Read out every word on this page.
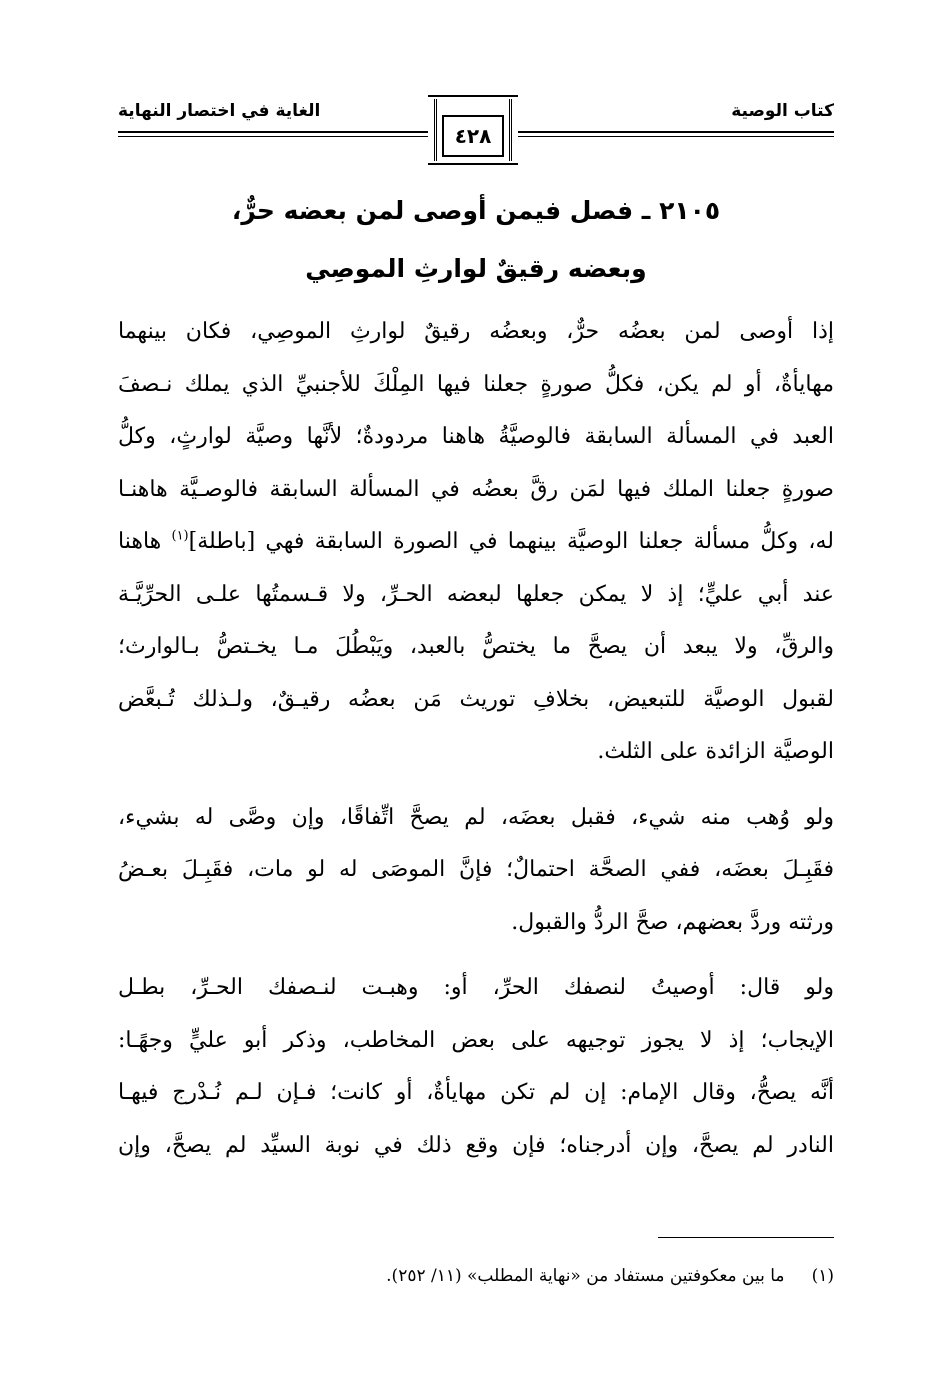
كتاب الوصية
الغاية في اختصار النهاية
٤٢٨
٢١٠٥ ـ فصل فيمن أوصى لمن بعضه حرٌّ،
وبعضه رقيقٌ لوارثِ الموصِي
إذا أوصى لمن بعضُه حرٌّ، وبعضُه رقيقٌ لوارثِ الموصِي، فكان بينهما
مهايأةٌ، أو لم يكن، فكلُّ صورةٍ جعلنا فيها المِلْكَ للأجنبيِّ الذي يملك نـصفَ
العبد في المسألة السابقة فالوصيَّةُ هاهنا مردودةٌ؛ لأنَّها وصيَّة لوارثٍ، وكلُّ
صورةٍ جعلنا الملك فيها لمَن رقَّ بعضُه في المسألة السابقة فالوصـيَّة هاهنـا
له، وكلُّ مسألة جعلنا الوصيَّة بينهما في الصورة السابقة فهي [باطلة]$^{(١)}$ هاهنا
عند أبي عليٍّ؛ إذ لا يمكن جعلها لبعضه الحـرِّ، ولا قـسمتُها علـى الحرِّيَّـة
والرقِّ، ولا يبعد أن يصحَّ ما يختصُّ بالعبد، ويَبْطُلَ مـا يخـتصُّ بـالوارث؛
لقبول الوصيَّة للتبعيض، بخلافِ توريث مَن بعضُه رقيـقٌ، ولـذلك تُـبعَّض
الوصيَّة الزائدة على الثلث.
ولو وُهب منه شيء، فقبل بعضَه، لم يصحَّ اتِّفاقًا، وإن وصَّى له بشيء،
فقَبِـلَ بعضَه، ففي الصحَّة احتمالٌ؛ فإنَّ الموصَى له لو مات، فقَبِـلَ بعـضُ
ورثته وردَّ بعضهم، صحَّ الردُّ والقبول.
ولو قال: أوصيتُ لنصفك الحرِّ، أو: وهبـت لنـصفك الحـرِّ، بطـل
الإيجاب؛ إذ لا يجوز توجيهه على بعض المخاطب، وذكر أبو عليٍّ وجهًـا:
أنَّه يصحُّ، وقال الإمام: إن لم تكن مهايأةٌ، أو كانت؛ فـإن لـم نُـدْرج فيهـا
النادر لم يصحَّ، وإن أدرجناه؛ فإن وقع ذلك في نوبة السيِّد لم يصحَّ، وإن
(١)     ما بين معكوفتين مستفاد من «نهاية المطلب» (١١/ ٢٥٢).
